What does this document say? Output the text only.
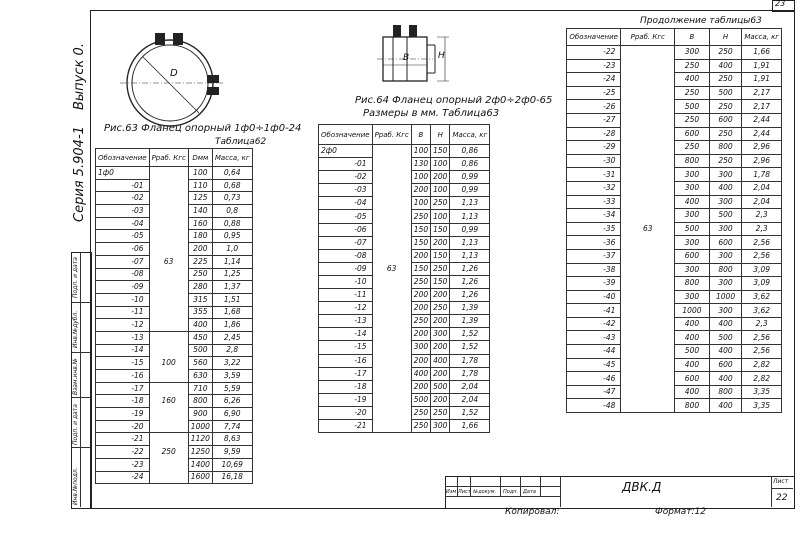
23
Инв.№подл.
Подп. и дата
Взам.инв.№
Инв.№дубл.
Подп. и дата
Серия 5.904-1
Выпуск 0.	D
Рис.63 Фланец опорный 1ф0÷1ф0-24
Таблица62
Обозначение	Pраб. Кгс	Dмм	Масса, кг
1ф0		100	0,64
-01		110	0,68
-02		125	0,73
-03		140	0,8
-04		160	0,88
-05		180	0,95
-06		200	1,0
-07	63	225	1,14
-08		250	1,25
-09		280	1,37
-10		315	1,51
-11		355	1,68
-12		400	1,86
-13		450	2,45
-14		500	2,8
-15	100	560	3,22
-16		630	3,59
-17		710	5,59
-18	160	800	6,26
-19		900	6,90
-20		1000	7,74
-21		1120	8,63
-22	250	1250	9,59
-23		1400	10,69
-24		1600	16,18
В	Н
Рис.64 Фланец опорный 2ф0÷2ф0-65
Размеры в мм. Таблица63
Обозначение	Pраб. Кгс	В	Н	Масса, кг
2ф0		100	150	0,86
-01		130	100	0,86
-02		100	200	0,99
-03		200	100	0,99
-04		100	250	1,13
-05		250	100	1,13
-06		150	150	0,99
-07		150	200	1,13
-08		200	150	1,13
-09	63	150	250	1,26
-10		250	150	1,26
-11		200	200	1,26
-12		200	250	1,39
-13		250	200	1,39
-14		200	300	1,52
-15		300	200	1,52
-16		200	400	1,78
-17		400	200	1,78
-18		200	500	2,04
-19		500	200	2,04
-20		250	250	1,52
-21		250	300	1,66
Продолжение таблицы63
Обозначение	Pраб. Кгс	В	Н	Масса, кг
-22		300	250	1,66
-23		250	400	1,91
-24		400	250	1,91
-25		250	500	2,17
-26		500	250	2,17
-27		250	600	2,44
-28		600	250	2,44
-29		250	800	2,96
-30		800	250	2,96
-31		300	300	1,78
-32		300	400	2,04
-33		400	300	2,04
-34		300	500	2,3
-35	63	500	300	2,3
-36		300	600	2,56
-37		600	300	2,56
-38		300	800	3,09
-39		800	300	3,09
-40		300	1000	3,62
-41		1000	300	3,62
-42		400	400	2,3
-43		400	500	2,56
-44		500	400	2,56
-45		400	600	2,82
-46		600	400	2,82
-47		400	800	3,35
-48		800	400	3,35
Изм Лист №докум. Подп. Дата	ДВК.Д	Лист
22
Копировал:	Формат:12
